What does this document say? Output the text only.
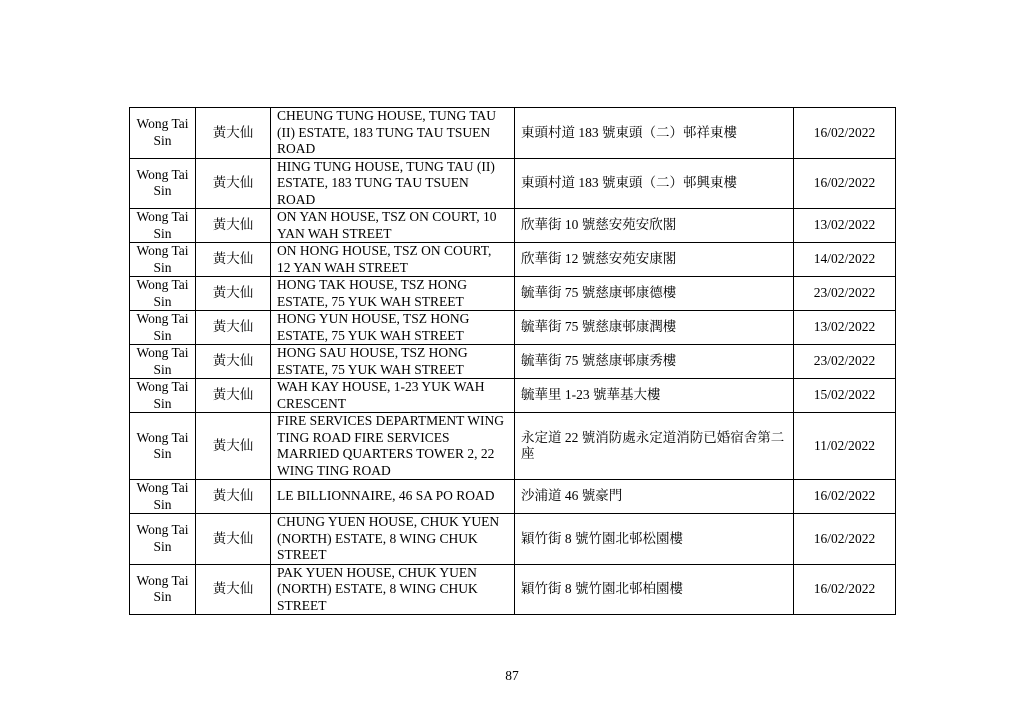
Wong Tai Sin	黃大仙	CHEUNG TUNG HOUSE, TUNG TAU (II) ESTATE, 183 TUNG TAU TSUEN ROAD	東頭村道 183 號東頭（二）邨祥東樓	16/02/2022
Wong Tai Sin	黃大仙	HING TUNG HOUSE, TUNG TAU (II) ESTATE, 183 TUNG TAU TSUEN ROAD	東頭村道 183 號東頭（二）邨興東樓	16/02/2022
Wong Tai Sin	黃大仙	ON YAN HOUSE, TSZ ON COURT, 10 YAN WAH STREET	欣華街 10 號慈安苑安欣閣	13/02/2022
Wong Tai Sin	黃大仙	ON HONG HOUSE, TSZ ON COURT, 12 YAN WAH STREET	欣華街 12 號慈安苑安康閣	14/02/2022
Wong Tai Sin	黃大仙	HONG TAK HOUSE, TSZ HONG ESTATE, 75 YUK WAH STREET	毓華街 75 號慈康邨康德樓	23/02/2022
Wong Tai Sin	黃大仙	HONG YUN HOUSE, TSZ HONG ESTATE, 75 YUK WAH STREET	毓華街 75 號慈康邨康潤樓	13/02/2022
Wong Tai Sin	黃大仙	HONG SAU HOUSE, TSZ HONG ESTATE, 75 YUK WAH STREET	毓華街 75 號慈康邨康秀樓	23/02/2022
Wong Tai Sin	黃大仙	WAH KAY HOUSE, 1-23 YUK WAH CRESCENT	毓華里 1-23 號華基大樓	15/02/2022
Wong Tai Sin	黃大仙	FIRE SERVICES DEPARTMENT WING TING ROAD FIRE SERVICES MARRIED QUARTERS TOWER 2, 22 WING TING ROAD	永定道 22 號消防處永定道消防已婚宿舍第二座	11/02/2022
Wong Tai Sin	黃大仙	LE BILLIONNAIRE, 46 SA PO ROAD	沙浦道 46 號豪門	16/02/2022
Wong Tai Sin	黃大仙	CHUNG YUEN HOUSE, CHUK YUEN (NORTH) ESTATE, 8 WING CHUK STREET	穎竹街 8 號竹園北邨松園樓	16/02/2022
Wong Tai Sin	黃大仙	PAK YUEN HOUSE, CHUK YUEN (NORTH) ESTATE, 8 WING CHUK STREET	穎竹街 8 號竹園北邨柏園樓	16/02/2022
87
